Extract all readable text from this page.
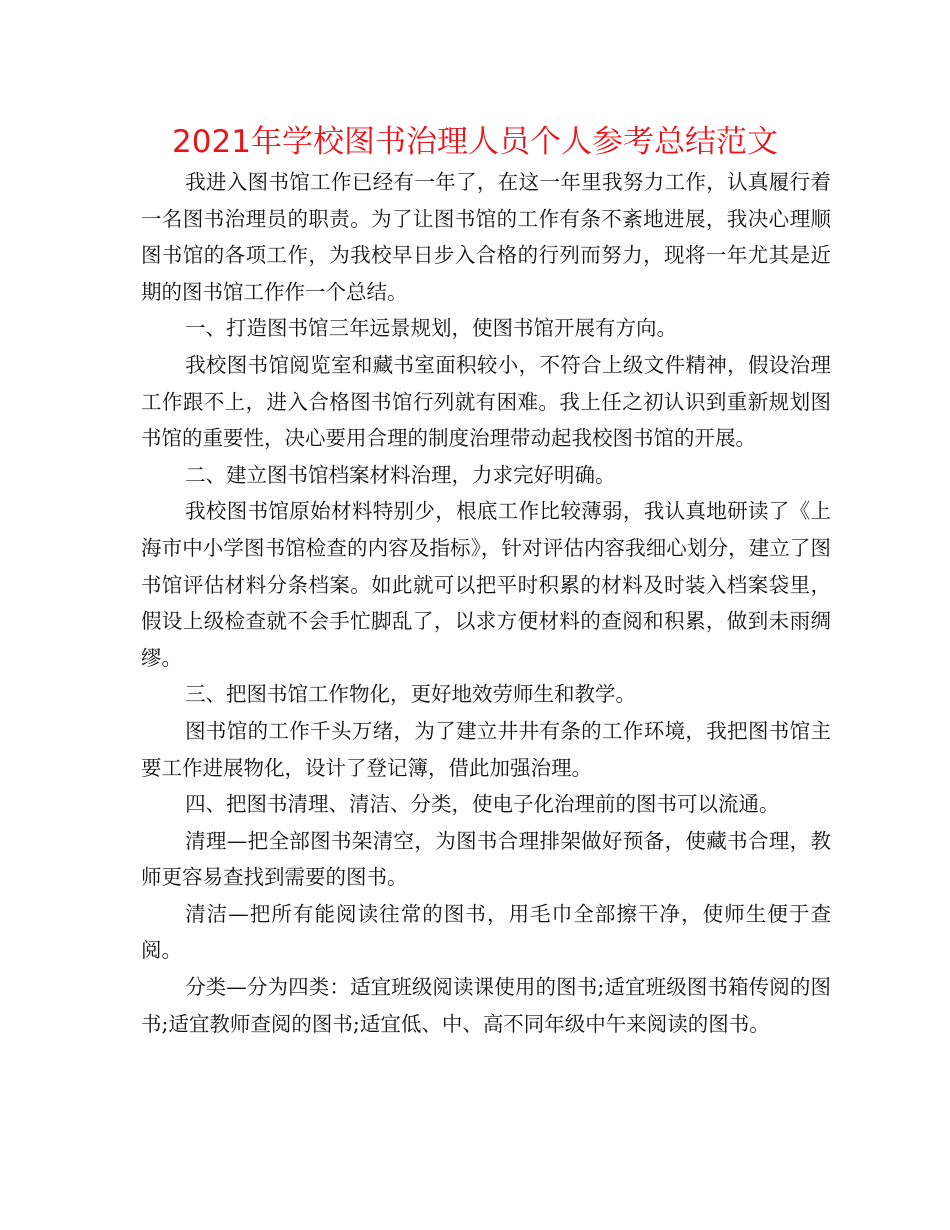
2021年学校图书治理人员个人参考总结范文

我进入图书馆工作已经有一年了，在这一年里我努力工作，认真履行着一名图书治理员的职责。为了让图书馆的工作有条不紊地进展，我决心理顺图书馆的各项工作，为我校早日步入合格的行列而努力，现将一年尤其是近期的图书馆工作作一个总结。

一、打造图书馆三年远景规划，使图书馆开展有方向。

我校图书馆阅览室和藏书室面积较小，不符合上级文件精神，假设治理工作跟不上，进入合格图书馆行列就有困难。我上任之初认识到重新规划图书馆的重要性，决心要用合理的制度治理带动起我校图书馆的开展。

二、建立图书馆档案材料治理，力求完好明确。

我校图书馆原始材料特别少，根底工作比较薄弱，我认真地研读了《上海市中小学图书馆检查的内容及指标》，针对评估内容我细心划分，建立了图书馆评估材料分条档案。如此就可以把平时积累的材料及时装入档案袋里，假设上级检查就不会手忙脚乱了，以求方便材料的查阅和积累，做到未雨绸缪。

三、把图书馆工作物化，更好地效劳师生和教学。

图书馆的工作千头万绪，为了建立井井有条的工作环境，我把图书馆主要工作进展物化，设计了登记簿，借此加强治理。

四、把图书清理、清洁、分类，使电子化治理前的图书可以流通。

清理—把全部图书架清空，为图书合理排架做好预备，使藏书合理，教师更容易查找到需要的图书。

清洁—把所有能阅读往常的图书，用毛巾全部擦干净，使师生便于查阅。

分类—分为四类：适宜班级阅读课使用的图书;适宜班级图书箱传阅的图书;适宜教师查阅的图书;适宜低、中、高不同年级中午来阅读的图书。
